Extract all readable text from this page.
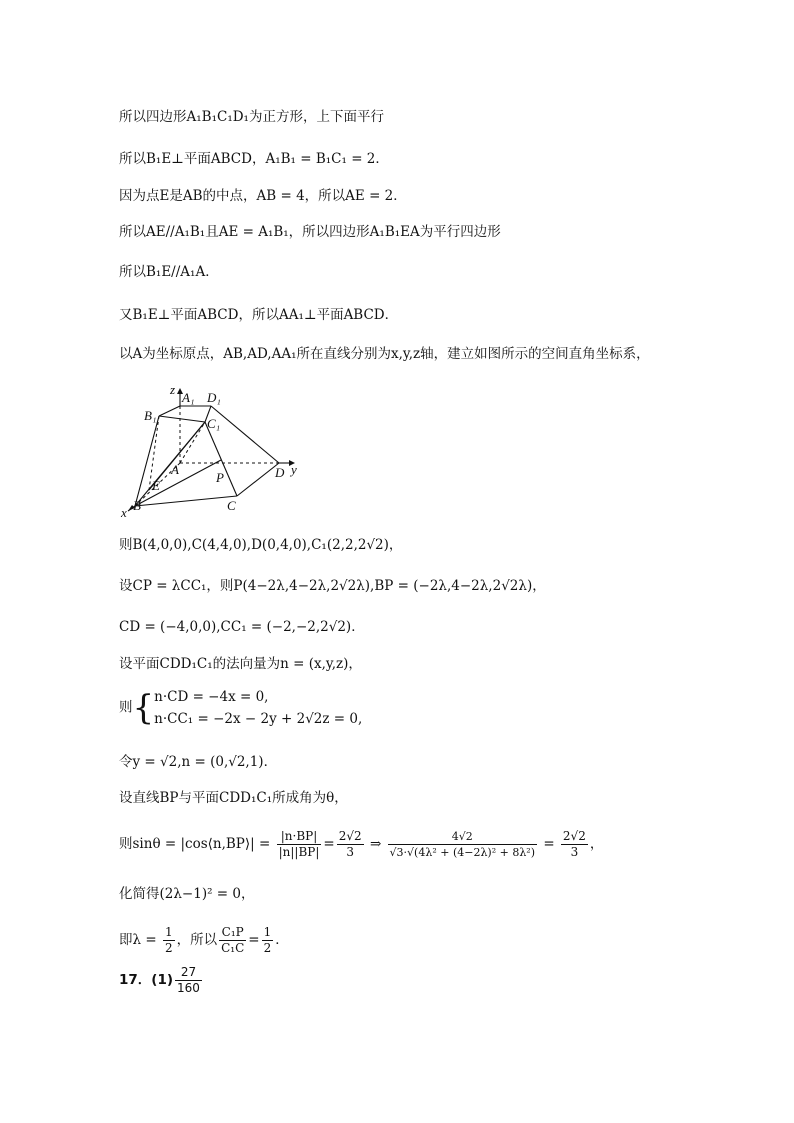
所以四边形A₁B₁C₁D₁为正方形，上下面平行
所以B₁E⊥平面ABCD，A₁B₁ = B₁C₁ = 2．
因为点E是AB的中点，AB = 4，所以AE = 2．
所以AE//A₁B₁且AE = A₁B₁，所以四边形A₁B₁EA为平行四边形
所以B₁E//A₁A．
又B₁E⊥平面ABCD，所以AA₁⊥平面ABCD．
以A为坐标原点，AB,AD,AA₁所在直线分别为x,y,z轴，建立如图所示的空间直角坐标系，
z
A₁ D₁
B₁
C₁
A
E
P	D y
B	C
x
则B(4,0,0),C(4,4,0),D(0,4,0),C₁(2,2,2√2)，
设CP = λCC₁，则P(4−2λ,4−2λ,2√2λ),BP = (−2λ,4−2λ,2√2λ)，
CD = (−4,0,0),CC₁ = (−2,−2,2√2)．
设平面CDD₁C₁的法向量为n = (x,y,z)，
则{ n·CD = −4x = 0,
n·CC₁ = −2x − 2y + 2√2z = 0,
令y = √2,n = (0,√2,1)．
设直线BP与平面CDD₁C₁所成角为θ，
则sinθ = |cos⟨n,BP⟩| = $\frac{|n\cdot BP|}{|n||BP|} = \frac{2√2}{3}$ ⇒ $\frac{4√2}{\text{√3·√(4λ² + (4−2λ)² + 8λ²)}} = \frac{2√2}{3}$ ，
化简得(2λ−1)² = 0，
即$\lambda = \frac{1}{2}$ ，所以 $\frac{\text{C₁P}}{\text{C₁C}} = \frac{1}{2}$ ．
17．$(1) \frac{27}{160}$
